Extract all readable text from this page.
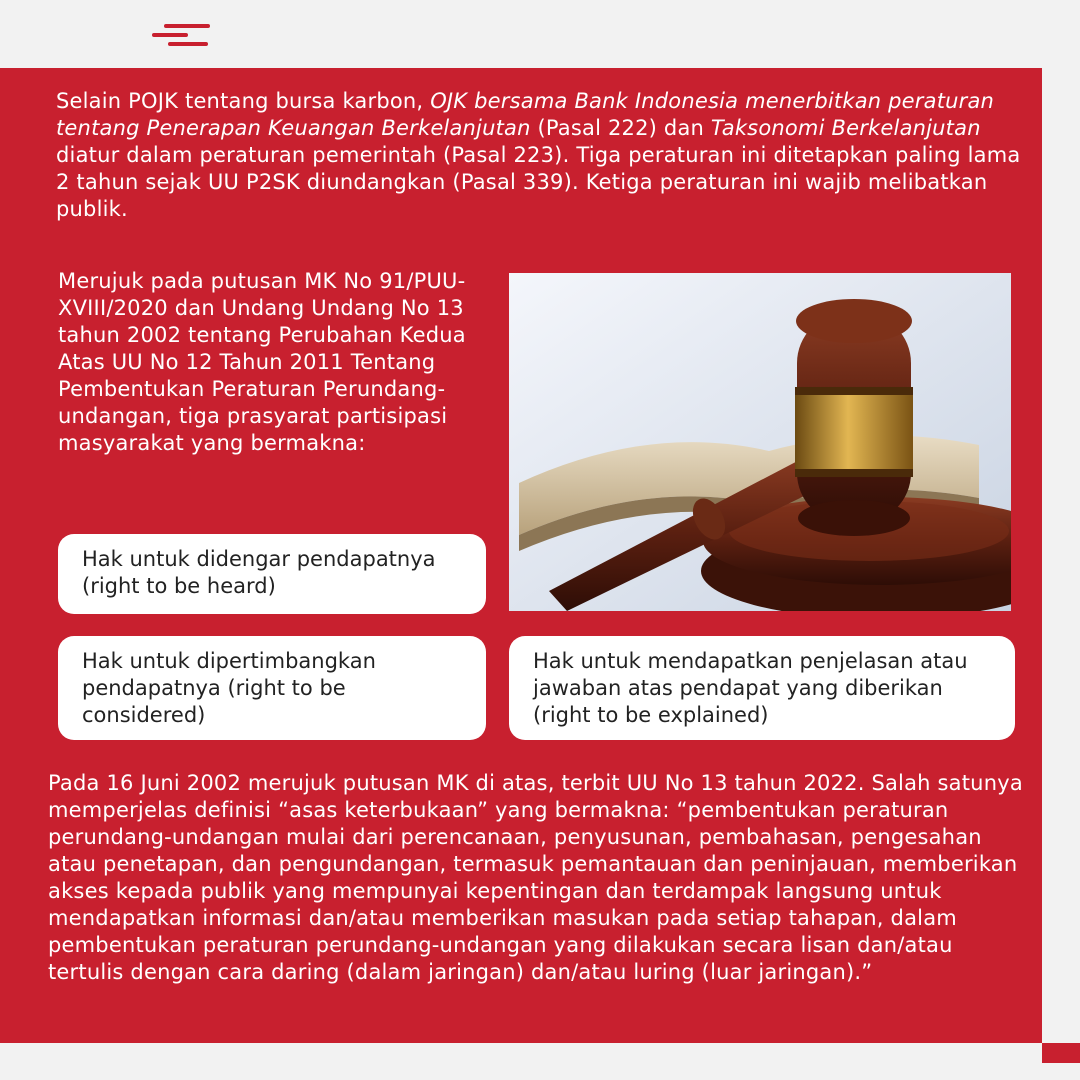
Selain POJK tentang bursa karbon, OJK bersama Bank Indonesia menerbitkan peraturan tentang Penerapan Keuangan Berkelanjutan (Pasal 222) dan Taksonomi Berkelanjutan diatur dalam peraturan pemerintah (Pasal 223). Tiga peraturan ini ditetapkan paling lama 2 tahun sejak UU P2SK diundangkan (Pasal 339). Ketiga peraturan ini wajib melibatkan publik.

Merujuk pada putusan MK No 91/PUU-XVIII/2020 dan Undang Undang No 13 tahun 2002 tentang Perubahan Kedua Atas UU No 12 Tahun 2011 Tentang Pembentukan Peraturan Perundang-undangan, tiga prasyarat partisipasi masyarakat yang bermakna:

Hak untuk didengar pendapatnya (right to be heard)
Hak untuk dipertimbangkan pendapatnya (right to be considered)
Hak untuk mendapatkan penjelasan atau jawaban atas pendapat yang diberikan (right to be explained)

Pada 16 Juni 2002 merujuk putusan MK di atas, terbit UU No 13 tahun 2022. Salah satunya memperjelas definisi “asas keterbukaan” yang bermakna: “pembentukan peraturan perundang-undangan mulai dari perencanaan, penyusunan, pembahasan, pengesahan atau penetapan, dan pengundangan, termasuk pemantauan dan peninjauan, memberikan akses kepada publik yang mempunyai kepentingan dan terdampak langsung untuk mendapatkan informasi dan/atau memberikan masukan pada setiap tahapan, dalam pembentukan peraturan perundang-undangan yang dilakukan secara lisan dan/atau tertulis dengan cara daring (dalam jaringan) dan/atau luring (luar jaringan).”
